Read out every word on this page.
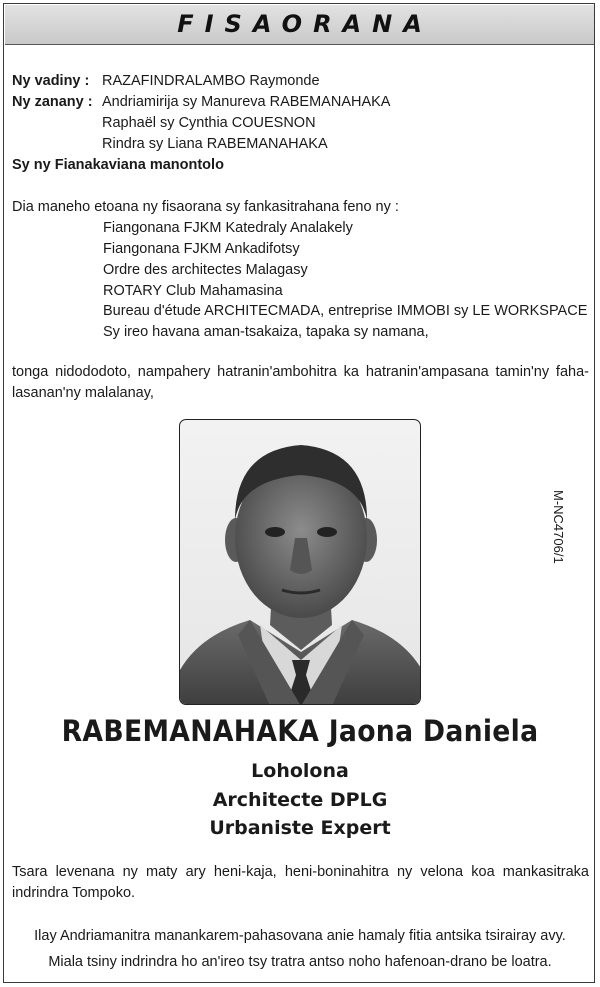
FISAORANA
Ny vadiny : RAZAFINDRALAMBO Raymonde
Ny zanany : Andriamirija sy Manureva RABEMANAHAKA
Raphaël sy Cynthia COUESNON
Rindra sy Liana RABEMANAHAKA
Sy ny Fianakaviana manontolo
Dia maneho etoana ny fisaorana sy fankasitrahana feno ny :
Fiangonana FJKM Katedraly Analakely
Fiangonana FJKM Ankadifotsy
Ordre des architectes Malagasy
ROTARY Club Mahamasina
Bureau d'étude ARCHITECMADA, entreprise IMMOBI sy LE WORKSPACE
Sy ireo havana aman-tsakaiza, tapaka sy namana,
tonga nidododoto, nampahery hatranin'ambohitra ka hatranin'ampasana tamin'ny faha-lasanan'ny malalanay,
M-NC4706/1
RABEMANAHAKA Jaona Daniela
Loholona
Architecte DPLG
Urbaniste Expert
Tsara levenana ny maty ary heni-kaja, heni-boninahitra ny velona koa mankasitraka indrindra Tompoko.
Ilay Andriamanitra manankarem-pahasovana anie hamaly fitia antsika tsirairay avy.
Miala tsiny indrindra ho an'ireo tsy tratra antso noho hafenoan-drano be loatra.
